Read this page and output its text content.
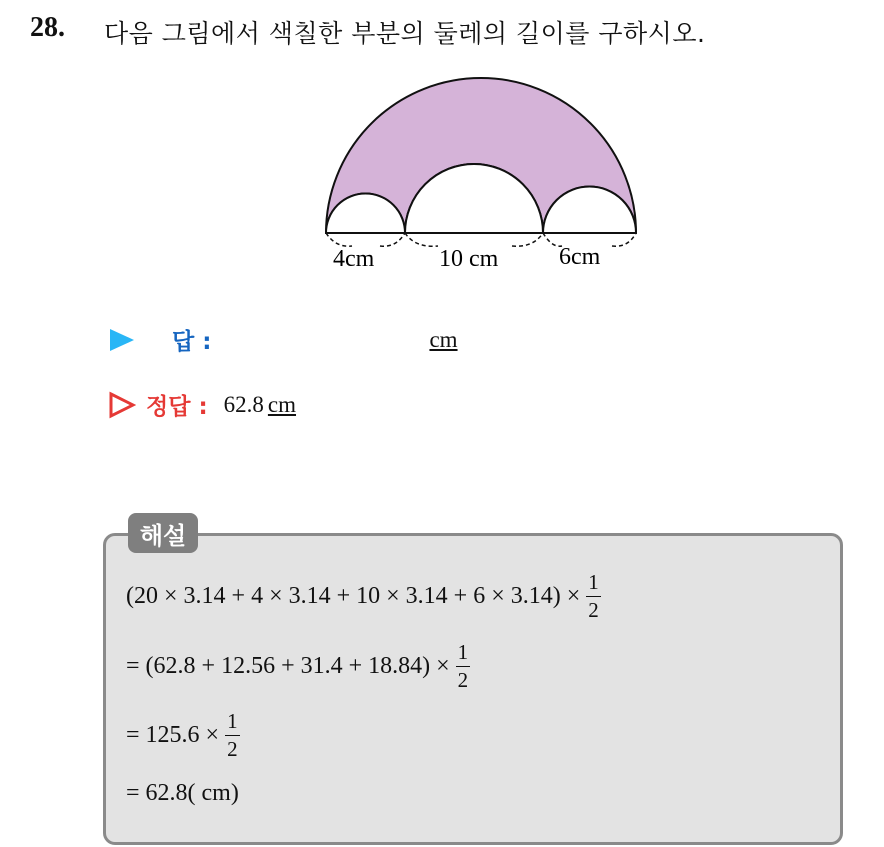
28. 다음 그림에서 색칠한 부분의 둘레의 길이를 구하시오.
4cm	10 cm	6cm
답 :	cm
정답 : 62.8 cm
해설
$(20 \times 3.14 + 4 \times 3.14 + 10 \times 3.14 + 6 \times 3.14) \times \frac{1}{2}$
= $(62.8 + 12.56 + 31.4 + 18.84) \times \frac{1}{2}$
= $125.6 \times \frac{1}{2}$
= 62.8( cm)
